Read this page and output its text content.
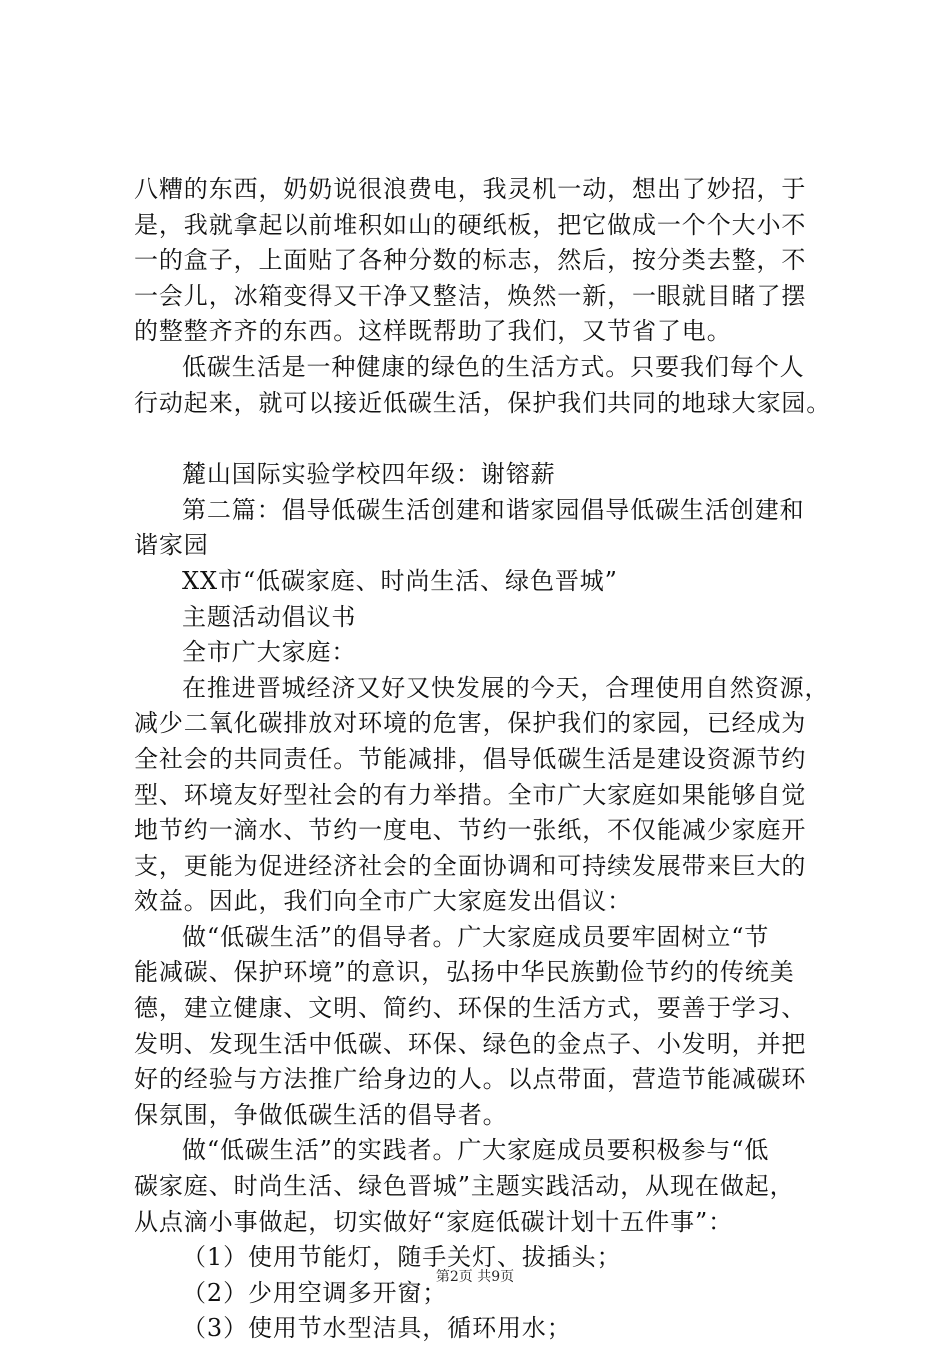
八糟的东西，奶奶说很浪费电，我灵机一动，想出了妙招，于
是，我就拿起以前堆积如山的硬纸板，把它做成一个个大小不
一的盒子，上面贴了各种分数的标志，然后，按分类去整，不
一会儿，冰箱变得又干净又整洁，焕然一新，一眼就目睹了摆
的整整齐齐的东西。这样既帮助了我们，又节省了电。
低碳生活是一种健康的绿色的生活方式。只要我们每个人
行动起来，就可以接近低碳生活，保护我们共同的地球大家园。
麓山国际实验学校四年级：谢镕薪
第二篇：倡导低碳生活创建和谐家园倡导低碳生活创建和
谐家园
XX市“低碳家庭、时尚生活、绿色晋城”
主题活动倡议书
全市广大家庭：
在推进晋城经济又好又快发展的今天，合理使用自然资源，
减少二氧化碳排放对环境的危害，保护我们的家园，已经成为
全社会的共同责任。节能减排，倡导低碳生活是建设资源节约
型、环境友好型社会的有力举措。全市广大家庭如果能够自觉
地节约一滴水、节约一度电、节约一张纸，不仅能减少家庭开
支，更能为促进经济社会的全面协调和可持续发展带来巨大的
效益。因此，我们向全市广大家庭发出倡议：
做“低碳生活”的倡导者。广大家庭成员要牢固树立“节
能减碳、保护环境”的意识，弘扬中华民族勤俭节约的传统美
德，建立健康、文明、简约、环保的生活方式，要善于学习、
发明、发现生活中低碳、环保、绿色的金点子、小发明，并把
好的经验与方法推广给身边的人。以点带面，营造节能减碳环
保氛围，争做低碳生活的倡导者。
做“低碳生活”的实践者。广大家庭成员要积极参与“低
碳家庭、时尚生活、绿色晋城”主题实践活动，从现在做起，
从点滴小事做起，切实做好“家庭低碳计划十五件事”：
（1）使用节能灯，随手关灯、拔插头；
（2）少用空调多开窗；
（3）使用节水型洁具，循环用水；
第2页 共9页
